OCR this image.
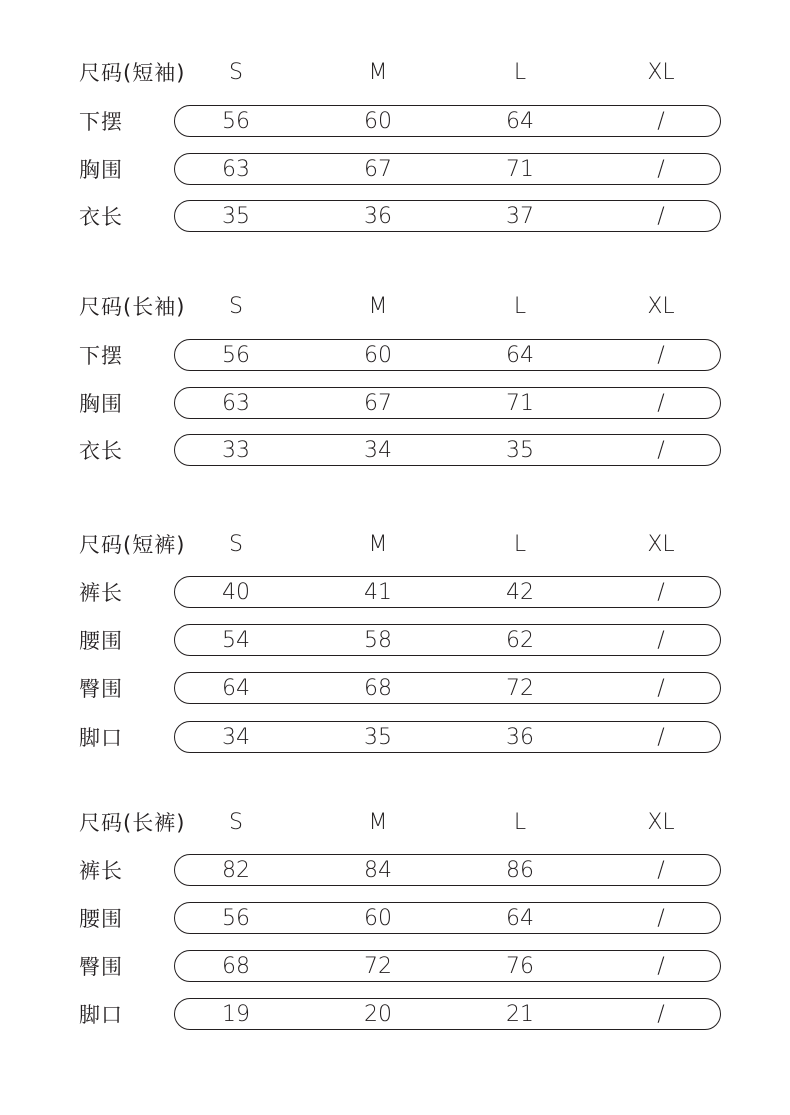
尺码(短袖)	S	M	L	XL
下摆	56	60	64	/
胸围	63	67	71	/
衣长	35	36	37	/
尺码(长袖)	S	M	L	XL
下摆	56	60	64	/
胸围	63	67	71	/
衣长	33	34	35	/
尺码(短裤)	S	M	L	XL
裤长	40	41	42	/
腰围	54	58	62	/
臀围	64	68	72	/
脚口	34	35	36	/
尺码(长裤)	S	M	L	XL
裤长	82	84	86	/
腰围	56	60	64	/
臀围	68	72	76	/
脚口	19	20	21	/
